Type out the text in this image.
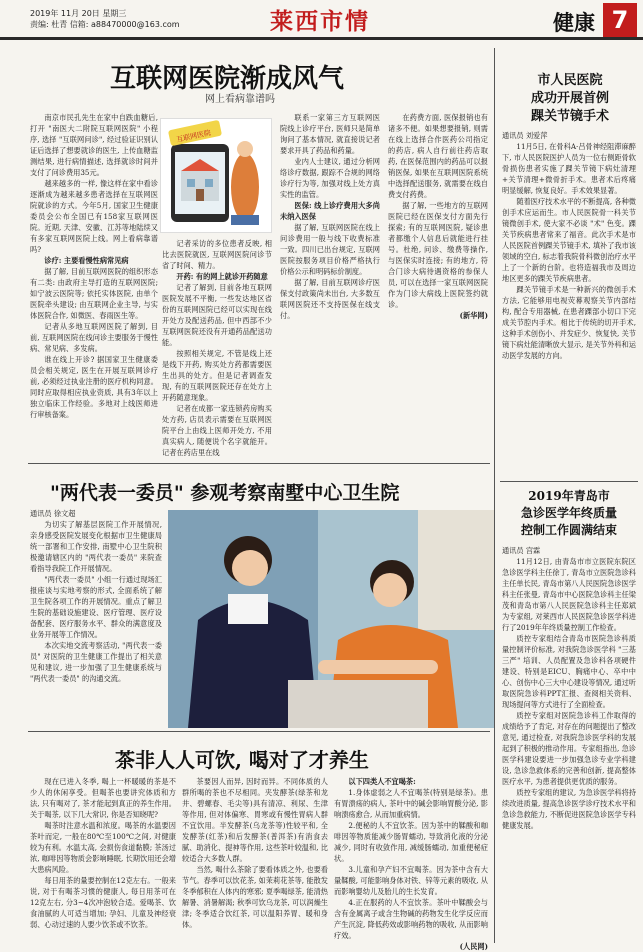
2019年 11月 20日 星期三
责编: 杜青 信箱: a88470000@163.com	莱西市情	健康 7
互联网医院渐成风气
网上看病靠谱吗

南京市民孔先生在家中自跌血糖后, 打开 "南医大二附院互联网医院" 小程序, 选择 "互联网问诊", 经过验证识别认证后选择了想要就诊的医生, 上传血糖监测结果, 进行病情描述, 选择就诊时间并支付了问诊费用35元。

越来越多的一样, 像这样在家中看诊逐渐成为越来越多患者选择在互联网医院就诊的方式。今年5月, 国家卫生健康委员会公布全国已有158家互联网医院。近期, 天津、安徽、江苏等地陆续又有多家互联网医院上线。网上看病靠谱吗?

诊疗: 主要看慢性病常见病

据了解, 目前互联网医院的组织形态有二类: 由政府主导打造的互联网医院; 如宁波云医院等; 依托实体医院, 由单个医院牵头建设; 由互联网企业主导, 与实体医院合作, 如微医、春雨医生等。

记者从多地互联网医院了解到, 目前, 互联网医院在线问诊主要服务于慢性病、常见病、多发病。

谁在线上开诊? 据国家卫生健康委员会相关规定, 医生在开展互联网诊疗前, 必须经过执业注册的医疗机构同意。同时应取得相应执业资质, 具有3年以上独立临床工作经验。多地对上线医师进行审核备案。

互联网医院

记者采访的多位患者反映, 相比去医院就医, 互联网医院问诊节省了时间、精力。

开药: 有的网上就诊开药随意

记者了解到, 目前各地互联网医院发展不平衡, 一些发达地区省份的互联网医院已经可以实现在线开处方及配送药品, 但中西部不少互联网医院还没有开通药品配送功能。

按照相关规定, 不管是线上还是线下开药, 购买处方药都需要医生出具的处方。但是记者调查发现, 有的互联网医院还存在处方上开药随意现象。

记者在成都一家连锁药房购买处方药, 店员表示需要在互联网医院平台上由线上医师开处方, 不用真实病人, 随便说个名字就能开。记者在药店里在线

联系一家第三方互联网医院线上诊疗平台, 医师只是简单询问了基本情况, 就直接说记者要求开具了药品和药量。

业内人士建议, 通过分析网络诊疗数据, 跟踪不合规的网络诊疗行为等, 加强对线上处方真实性的监管。

医保: 线上诊疗费用大多尚未纳入医保

据了解, 互联网医院在线上问诊费用一般与线下收费标准一致。四川已出台规定, 互联网医院按服务项目价格严格执行价格公示和明码标价制度。

据了解, 目前互联网诊疗医保支付政策尚未出台, 大多数互联网医院还不支持医保在线支付。

在药费方面, 医保报销也有诸多不便。如果想要报销, 则需在线上选择合作医药公司指定的药店, 病人自行前往药店取药, 在医保范围内的药品可以报销医保, 如果在互联网医院系统中选择配送服务, 就需要在线自费支付药费。

据了解, 一些地方的互联网医院已经在医保支付方面先行探索; 有的互联网医院, 疑诊患者都缴个人信息后就能进行挂号。杜绝, 问诊、缴费等操作, 与医保实时连接; 有的地方, 符合门诊大病待遇资格的参保人员, 可以在选择一家互联网医院作为门诊大病线上医院签约就诊。

(新华网)

"两代表一委员" 参观考察南墅中心卫生院

通讯员 徐文超

为切实了解基层医院工作开展情况, 亲身感受医院发展变化根据市卫生健康局统一部署和工作安排, 南墅中心卫生院积极邀请辖区内的 "两代表一委员" 来院查看指导我院工作开展情况。

"两代表一委员" 小组一行通过现场汇报座谈与实地考察的形式, 全面系统了解卫生院各项工作的开展情况。重点了解卫生院的基础设施建设、医疗管理、医疗设备配套、医疗服务水平、群众的满意度及业务开展等工作情况。

本次实地交流考察活动, "两代表一委员" 对医院的卫生健康工作提出了相关意见和建议, 进一步加强了卫生健康系统与 "两代表一委员" 的沟通交流。

茶非人人可饮, 喝对了才养生

现在已进入冬季, 喝上一杯暖暖的茶是不少人的休闲享受。但喝茶也要讲究体质和方法, 只有喝对了, 茶才能起到真正的养生作用。关于喝茶, 以下几大常识, 你是否知晓呢?

喝茶时注意水温和浓度。喝茶的水温要因茶叶而定, 一般在80℃至100℃之间, 对健康较为有利。水温太高, 会损伤食道黏膜; 茶汤过浓, 咖啡因等物质会影响睡眠, 长期饮用还会增大患病风险。

每日用茶的量要控制在12克左右。一般来说, 对于有喝茶习惯的健康人, 每日用茶可在12克左右, 分3~4次冲泡较合适。爱喝茶、饮食油腻的人可适当增加; 孕妇、儿童及神经衰弱、心动过速的人要少饮茶或不饮茶。

茶要因人而异, 因时而异。不同体质的人群所喝的茶也不尽相同。夹发酵茶(绿茶和龙井、碧螺春、毛尖等)具有清凉、利尿、生津等作用, 但对体偏寒、胃寒或有慢性胃病人群不宜饮用。半发酵茶(乌龙茶等)性较平和, 全发酵茶(红茶)和后发酵茶(普洱茶)有消食去腻、助消化、提神等作用, 这些茶叶较温和, 比较适合大多数人群。

当然, 喝什么茶除了要看体质之外, 也要看节气。春季可以饮花茶, 如茉莉花茶等, 能散发冬季郁积在人体内的寒邪; 夏季喝绿茶, 能清热解暑、消暑解渴; 秋季可饮乌龙茶, 可以润燥生津; 冬季适合饮红茶, 可以温阳养胃、暖和身体。

以下四类人不宜喝茶:

1.身体虚弱之人不宜喝茶(特别是绿茶)。患有胃溃疡的病人, 茶叶中的碱会影响胃酸分泌, 影响溃疡愈合, 从而加重病情。

2.便秘的人不宜饮茶。因为茶中的鞣酸和咖啡因等物质能减少肠胃蠕动, 导致消化液的分泌减少, 同时有收敛作用, 减缓肠蠕动, 加重便秘症状。

3.儿童和孕产妇不宜喝茶。因为茶中含有大量鞣酸, 可能影响身体对铁、锌等元素的吸收, 从而影响婴幼儿及胎儿的生长发育。

4.正在服药的人不宜饮茶。茶叶中鞣酸会与含有金属离子或含生物碱的药物发生化学反应而产生沉淀, 降低药效或影响药物的吸收, 从而影响疗效。

(人民网)

市人民医院
成功开展首例
踝关节镜手术

通讯员 刘爱萍

11月5日, 在骨科A·吕骨神经阻滞麻醉下, 市人民医院医护人员为一位右侧距骨软骨损伤患者实施了踝关节镜下病灶清理+关节清理+微骨折手术。患者术后疼痛明显缓解, 恢复良好。手术效果显著。

随着医疗技术水平的不断提高, 各种微创手术应运而生。市人民医院骨一科关节镜微创手术, 使大家不必谈 "术" 色变。踝关节疾病患者常来了福音。此次手术是市人民医院首例踝关节镜手术, 填补了我市该领域的空白, 标志着我院骨科微创治疗水平上了一个新的台阶。也将造福我市及周边地区更多的踝关节疾病患者。

踝关节镜手术是一种新兴的微创手术方法, 它能够用电视荧幕观察关节内部结构, 配合专用器械, 在患者踝部小切口下完成关节腔内手术。相比于传统的切开手术, 这种手术创伤小、并发症少、恢复快, 关节镜下病灶能清晰放大显示, 是关节外科和运动医学发展的方向。

2019年青岛市
急诊医学年终质量
控制工作圆满结束

通讯员 宫霖

11月12日, 由青岛市市立医院东院区急诊医学科主任徐丁, 青岛市立医院急诊科主任单长民, 青岛市第八人民医院急诊医学科主任张曼, 青岛市中心医院急诊科主任梁茂和青岛市第八人民医院急诊科主任郑斌为专家组, 对莱西市人民医院急诊医学科进行了2019年年终质量控制工作检查。

质控专家组结合青岛市医院急诊科质量控制评价标准, 对我院急诊医学科 "三基三严" 培训、人员配置及急诊科各项硬件建设、特别是EICU、胸痛中心、卒中中心、创伤中心三大中心建设等情况, 通过听取医院急诊科PPT汇报、查阅相关资料、现场提问等方式进行了全面检查。

质控专家组对医院急诊科工作取得的成绩给予了肯定, 对存在的问题提出了整改意见, 通过检查, 对我院急诊医学科的发展起到了积极的推动作用。专家组指出, 急诊医学科建设要进一步加强急诊专业学科建设, 急诊急救体系的完善和创新, 提高整体医疗水平, 为患者提供更优质的服务。

质控专家组的建议, 为急诊医学科将持续改进质量, 提高急诊医学诊疗技术水平和急诊急救能力, 不断促进医院急诊医学专科健康发展。
